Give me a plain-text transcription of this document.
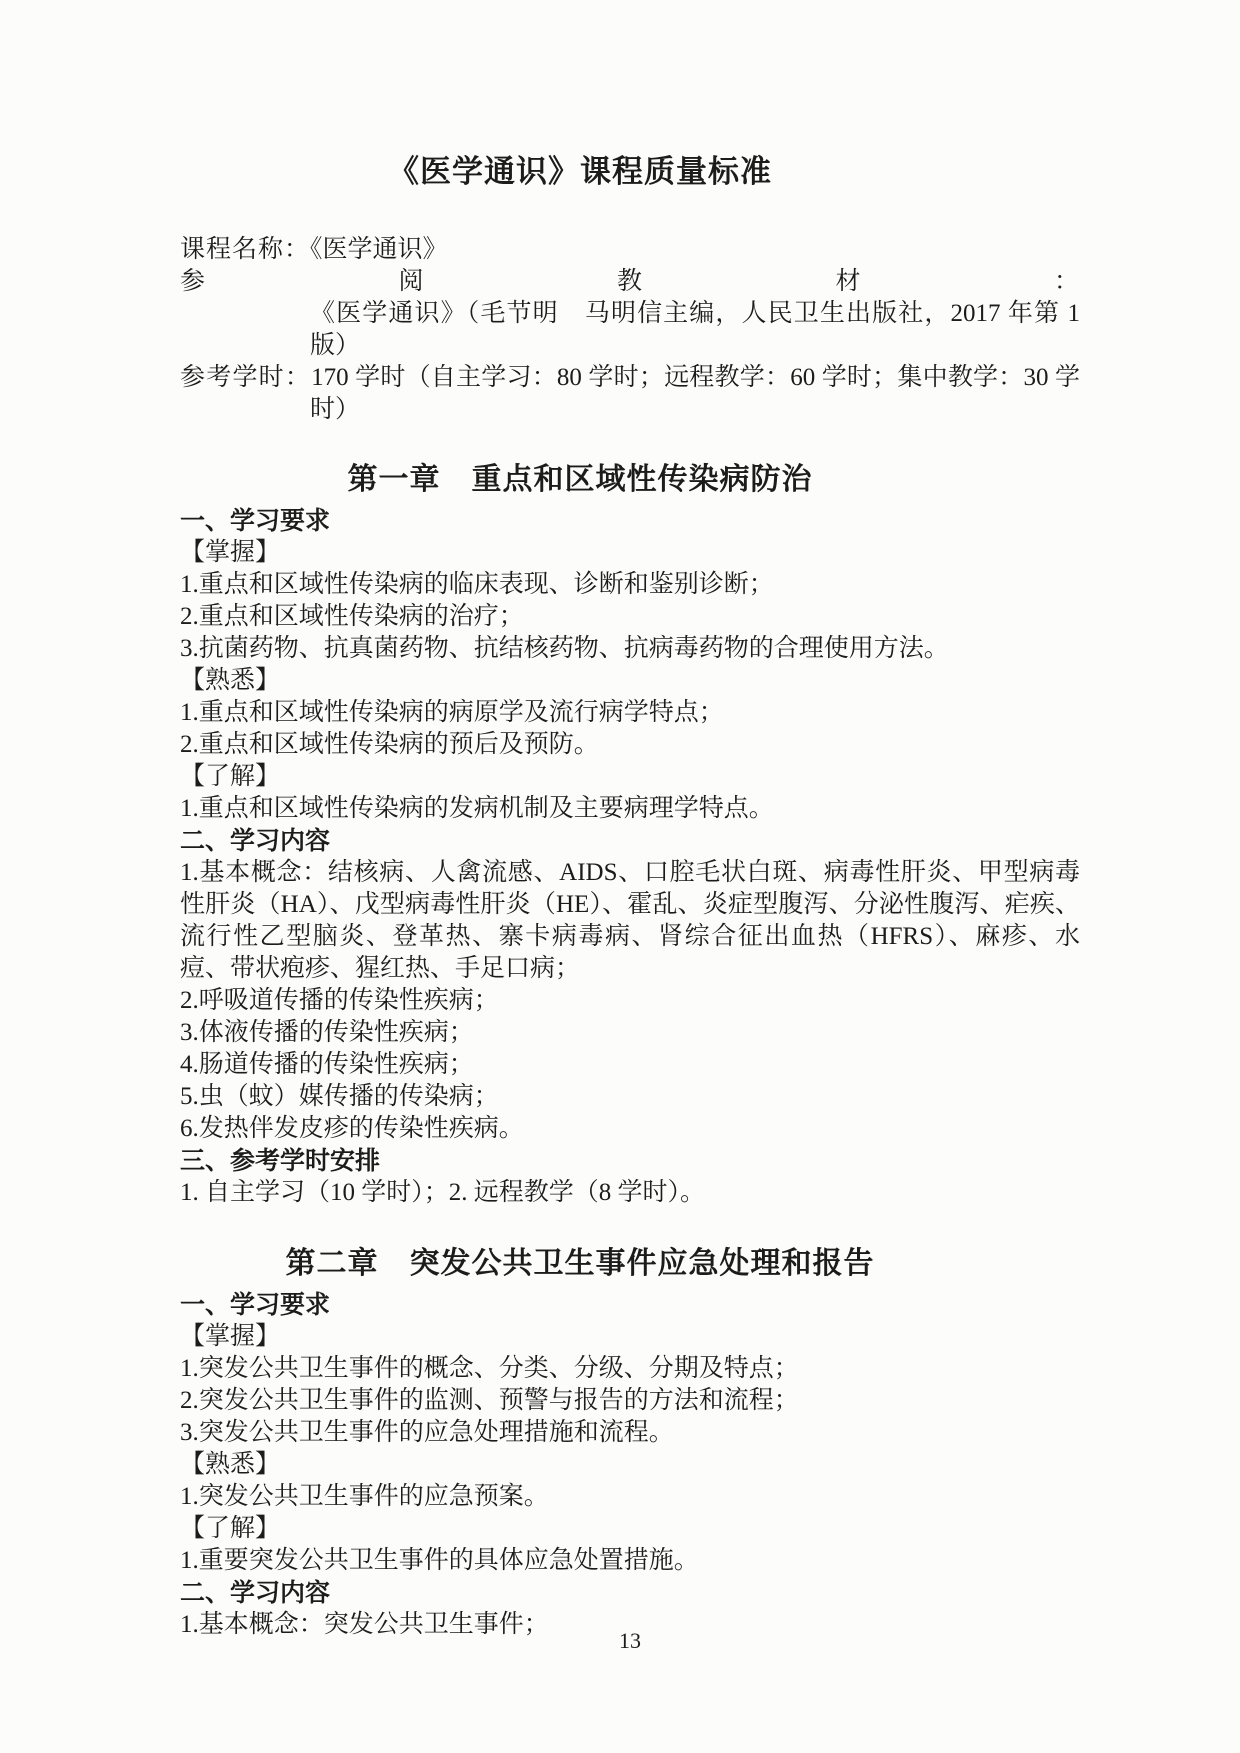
《医学通识》课程质量标准

课程名称：《医学通识》

参阅教材：《医学通识》（毛节明　马明信主编，人民卫生出版社，2017 年第 1 版）

参考学时：170 学时（自主学习：80 学时；远程教学：60 学时；集中教学：30 学时）

第一章　重点和区域性传染病防治

一、学习要求

【掌握】

1.重点和区域性传染病的临床表现、诊断和鉴别诊断；

2.重点和区域性传染病的治疗；

3.抗菌药物、抗真菌药物、抗结核药物、抗病毒药物的合理使用方法。

【熟悉】

1.重点和区域性传染病的病原学及流行病学特点；

2.重点和区域性传染病的预后及预防。

【了解】

1.重点和区域性传染病的发病机制及主要病理学特点。

二、学习内容

1.基本概念：结核病、人禽流感、AIDS、口腔毛状白斑、病毒性肝炎、甲型病毒性肝炎（HA）、戊型病毒性肝炎（HE）、霍乱、炎症型腹泻、分泌性腹泻、疟疾、流行性乙型脑炎、登革热、寨卡病毒病、肾综合征出血热（HFRS）、麻疹、水痘、带状疱疹、猩红热、手足口病；

2.呼吸道传播的传染性疾病；

3.体液传播的传染性疾病；

4.肠道传播的传染性疾病；

5.虫（蚊）媒传播的传染病；

6.发热伴发皮疹的传染性疾病。

三、参考学时安排

1. 自主学习（10 学时）；2. 远程教学（8 学时）。

第二章　突发公共卫生事件应急处理和报告

一、学习要求

【掌握】

1.突发公共卫生事件的概念、分类、分级、分期及特点；

2.突发公共卫生事件的监测、预警与报告的方法和流程；

3.突发公共卫生事件的应急处理措施和流程。

【熟悉】

1.突发公共卫生事件的应急预案。

【了解】

1.重要突发公共卫生事件的具体应急处置措施。

二、学习内容

1.基本概念：突发公共卫生事件；

13
